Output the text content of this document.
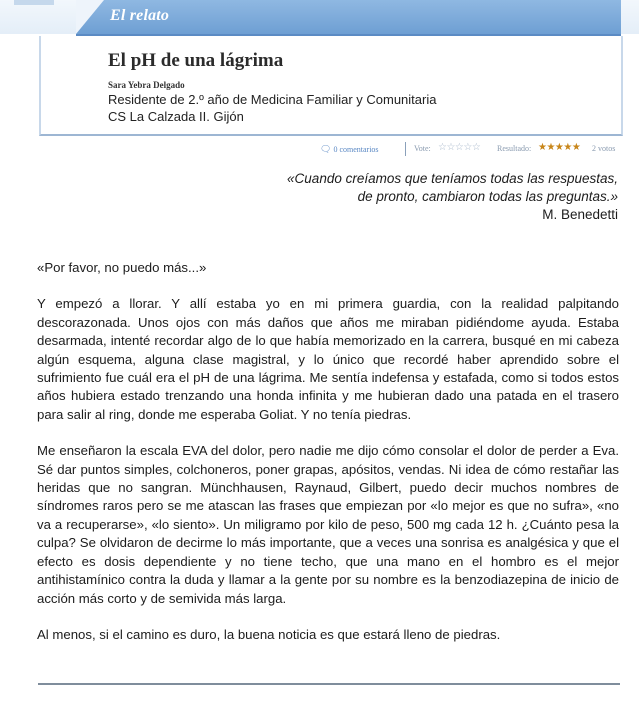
El relato
El pH de una lágrima
Sara Yebra Delgado
Residente de 2.º año de Medicina Familiar y Comunitaria
CS La Calzada II. Gijón
🗨︎ 0 comentarios	Vote: ☆☆☆☆☆ Resultado: ★★★★★ 2 votos
«Cuando creíamos que teníamos todas las respuestas,
de pronto, cambiaron todas las preguntas.»
M. Benedetti

«Por favor, no puedo más...»

Y empezó a llorar. Y allí estaba yo en mi primera guardia, con la realidad palpitando descorazonada. Unos ojos con más daños que años me miraban pidiéndome ayuda. Estaba desarmada, intenté recordar algo de lo que había memorizado en la carrera, busqué en mi cabeza algún esquema, alguna clase magistral, y lo único que recordé haber aprendido sobre el sufrimiento fue cuál era el pH de una lágrima. Me sentía indefensa y estafada, como si todos estos años hubiera estado trenzando una honda infinita y me hubieran dado una patada en el trasero para salir al ring, donde me esperaba Goliat. Y no tenía piedras.

Me enseñaron la escala EVA del dolor, pero nadie me dijo cómo consolar el dolor de perder a Eva. Sé dar puntos simples, colchoneros, poner grapas, apósitos, vendas. Ni idea de cómo restañar las heridas que no sangran. Münchhausen, Raynaud, Gilbert, puedo decir muchos nombres de síndromes raros pero se me atascan las frases que empiezan por «lo mejor es que no sufra», «no va a recuperarse», «lo siento». Un miligramo por kilo de peso, 500 mg cada 12 h. ¿Cuánto pesa la culpa? Se olvidaron de decirme lo más importante, que a veces una sonrisa es analgésica y que el efecto es dosis dependiente y no tiene techo, que una mano en el hombro es el mejor antihistamínico contra la duda y llamar a la gente por su nombre es la benzodiazepina de inicio de acción más corto y de semivida más larga.

Al menos, si el camino es duro, la buena noticia es que estará lleno de piedras.
